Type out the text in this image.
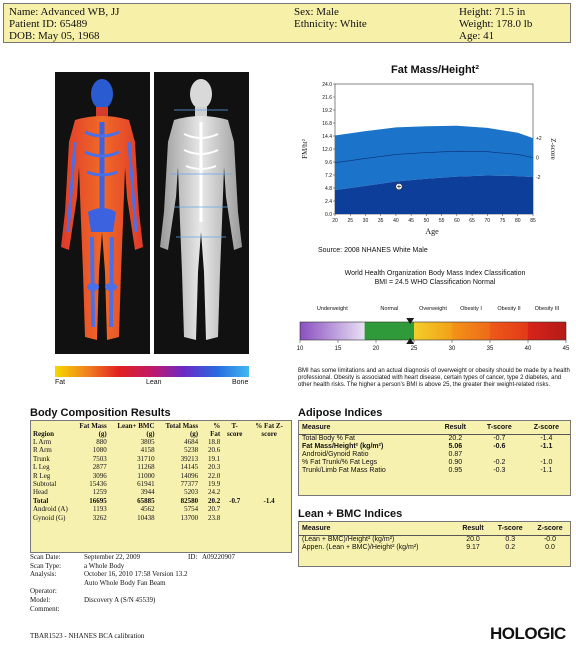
Name: Advanced WB, JJ
Patient ID: 65489
DOB: May 05, 1968
Sex: Male
Ethnicity: White
Height: 71.5 in
Weight: 178.0 lb
Age: 41
Fat	Lean	Bone
Fat Mass/Height²
24.0
21.6
19.2
16.8
14.4
12.0
9.6
7.2
4.8
2.4
0.0
20 25 30 35 40 45 50 55 60 65 70 75 80 85
+2
0
-2
FM/ht²	Z-score
Age
Source: 2008 NHANES White Male
World Health Organization Body Mass Index Classification
BMI = 24.5 WHO Classification Normal
Underweight	Normal	Overweight Obesity I	Obesity II	Obesity III
10	15	20	25	30	35	40	45
BMI has some limitations and an actual diagnosis of overweight or obesity should be made by a health professional. Obesity is associated with heart disease, certain types of cancer, type 2 diabetes, and other health risks. The higher a person's BMI is above 25, the greater their weight-related risks.
Body Composition Results
Region	Fat Mass (g)	Lean+ BMC (g)	Total Mass (g)	% Fat	T-score	% Fat Z-score
L Arm	880	3805	4684	18.8		
R Arm	1080	4158	5238	20.6		
Trunk	7503	31710	39213	19.1		
L Leg	2877	11268	14145	20.3		
R Leg	3096	11000	14096	22.0		
Subtotal	15436	61941	77377	19.9		
Head	1259	3944	5203	24.2		
Total	16695	65885	82580	20.2	-0.7	-1.4
Android (A)	1193	4562	5754	20.7		
Gynoid (G)	3262	10438	13700	23.8		
Scan Date:	September 22, 2009	ID: A09220907
Scan Type:	a Whole Body
Analysis:	October 16, 2010 17:58 Version 13.2
Auto Whole Body Fan Beam
Operator:
Model:	Discovery A (S/N 45539)
Comment:
Adipose Indices
Measure	Result	T-score	Z-score
Total Body % Fat	20.2	-0.7	-1.4
Fat Mass/Height² (kg/m²)	5.06	-0.6	-1.1
Android/Gynoid Ratio	0.87		
% Fat Trunk/% Fat Legs	0.90	-0.2	-1.0
Trunk/Limb Fat Mass Ratio	0.95	-0.3	-1.1
Lean + BMC Indices
Measure	Result	T-score	Z-score
(Lean + BMC)/Height² (kg/m²)	20.0	0.3	-0.0
Appen. (Lean + BMC)/Height² (kg/m²)	9.17	0.2	0.0
TBAR1523 - NHANES BCA calibration	HOLOGIC
